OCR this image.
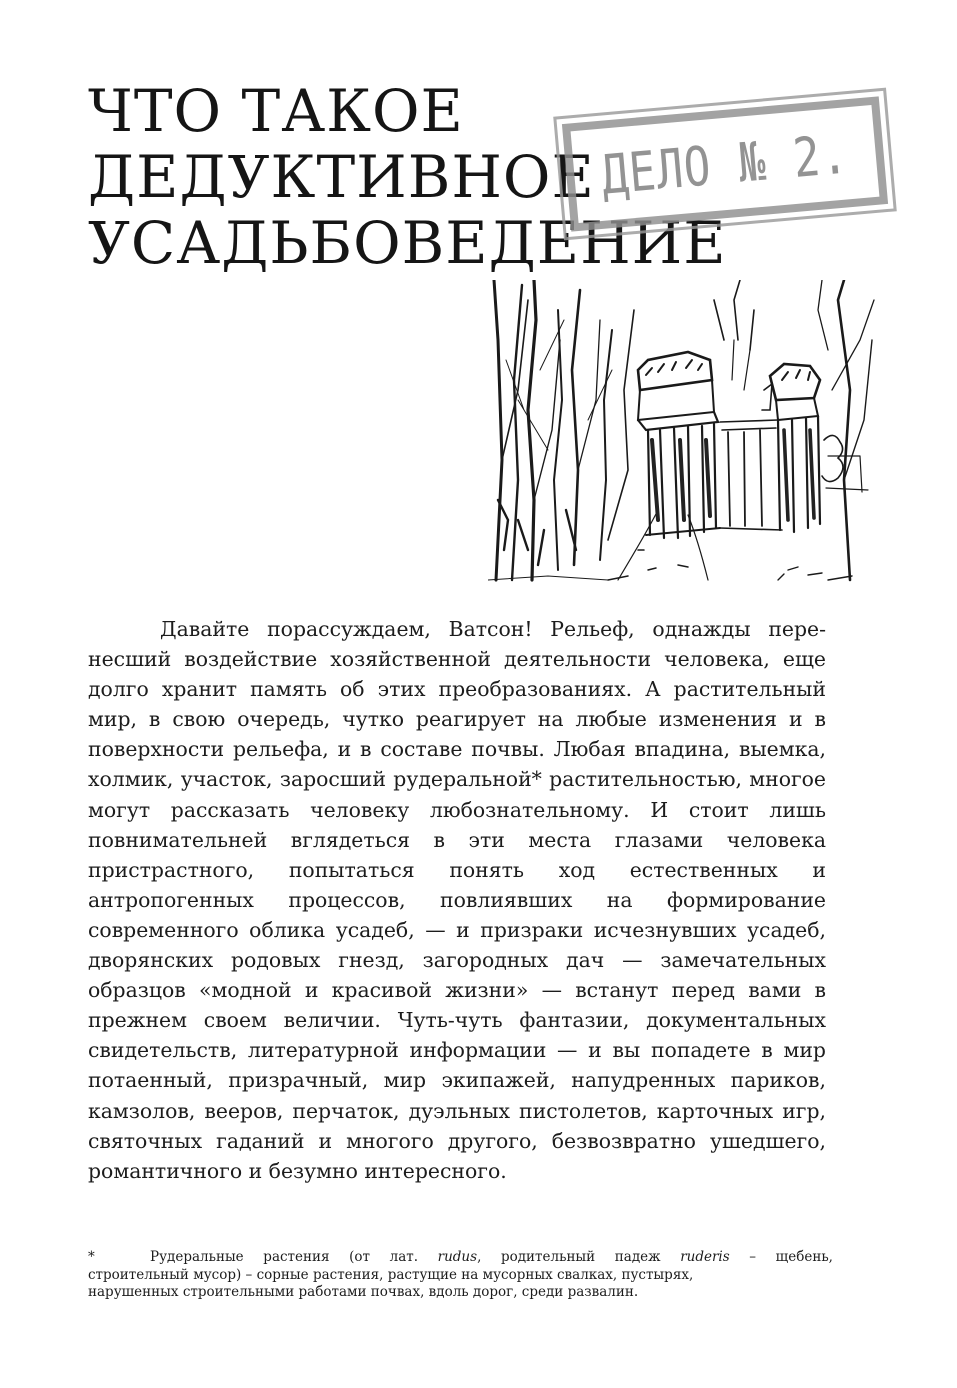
ЧТО ТАКОЕ
ДЕДУКТИВНОЕ
УСАДЬБОВЕДЕНИЕ
ДЕЛО № 2.

Давайте порассуждаем, Ватсон! Рельеф, однажды перенесший воздействие хозяйственной деятельности человека, еще долго хранит память об этих преобразованиях. А растительный мир, в свою очередь, чутко реагирует на любые изменения и в поверхности рельефа, и в составе почвы. Любая впадина, выемка, холмик, участок, заросший рудеральной* растительностью, многое могут рассказать человеку любознательному. И стоит лишь повнимательней вглядеться в эти места глазами человека пристрастного, попытаться понять ход естественных и антропогенных процессов, повлиявших на формирование современного облика усадеб, — и призраки исчезнувших усадеб, дворянских родовых гнезд, загородных дач — замечательных образцов «модной и красивой жизни» — встанут перед вами в прежнем своем величии. Чуть-чуть фантазии, документальных свидетельств, литературной информации — и вы попадете в мир потаенный, призрачный, мир экипажей, напудренных париков, камзолов, вееров, перчаток, дуэльных пистолетов, карточных игр, святочных гаданий и многого другого, безвозвратно ушедшего, романтичного и безумно интересного.

*	Рудеральные растения (от лат. rudus, родительный падеж ruderis – щебень,
строительный мусор) – сорные растения, растущие на мусорных свалках, пустырях,
нарушенных строительными работами почвах, вдоль дорог, среди развалин.
